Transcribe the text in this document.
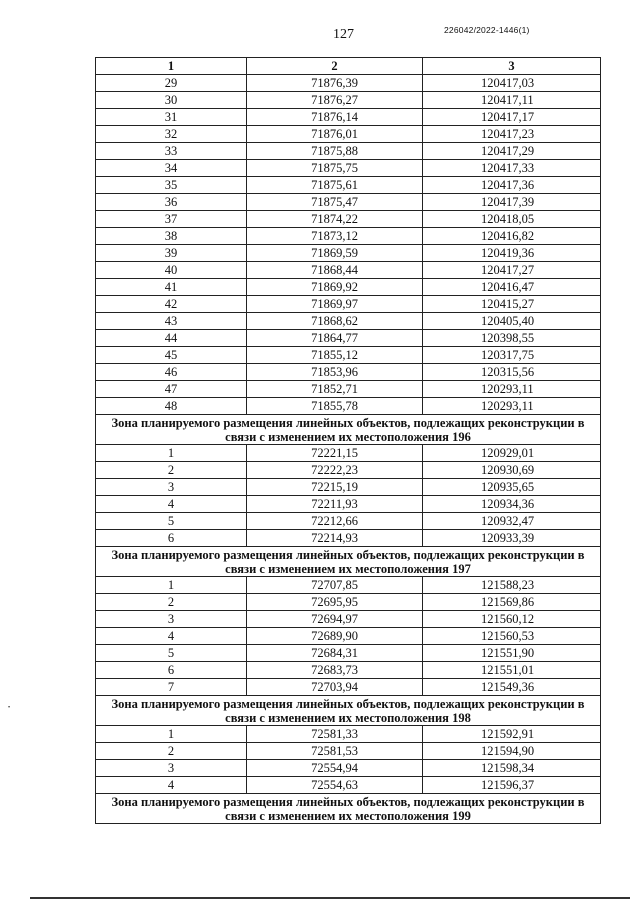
127	226042/2022-1446(1)
•
1	2	3
29	71876,39	120417,03
30	71876,27	120417,11
31	71876,14	120417,17
32	71876,01	120417,23
33	71875,88	120417,29
34	71875,75	120417,33
35	71875,61	120417,36
36	71875,47	120417,39
37	71874,22	120418,05
38	71873,12	120416,82
39	71869,59	120419,36
40	71868,44	120417,27
41	71869,92	120416,47
42	71869,97	120415,27
43	71868,62	120405,40
44	71864,77	120398,55
45	71855,12	120317,75
46	71853,96	120315,56
47	71852,71	120293,11
48	71855,78	120293,11
Зона планируемого размещения линейных объектов, подлежащих реконструкции в связи с изменением их местоположения 196		
1	72221,15	120929,01
2	72222,23	120930,69
3	72215,19	120935,65
4	72211,93	120934,36
5	72212,66	120932,47
6	72214,93	120933,39
Зона планируемого размещения линейных объектов, подлежащих реконструкции в связи с изменением их местоположения 197		
1	72707,85	121588,23
2	72695,95	121569,86
3	72694,97	121560,12
4	72689,90	121560,53
5	72684,31	121551,90
6	72683,73	121551,01
7	72703,94	121549,36
Зона планируемого размещения линейных объектов, подлежащих реконструкции в связи с изменением их местоположения 198		
1	72581,33	121592,91
2	72581,53	121594,90
3	72554,94	121598,34
4	72554,63	121596,37
Зона планируемого размещения линейных объектов, подлежащих реконструкции в связи с изменением их местоположения 199		
